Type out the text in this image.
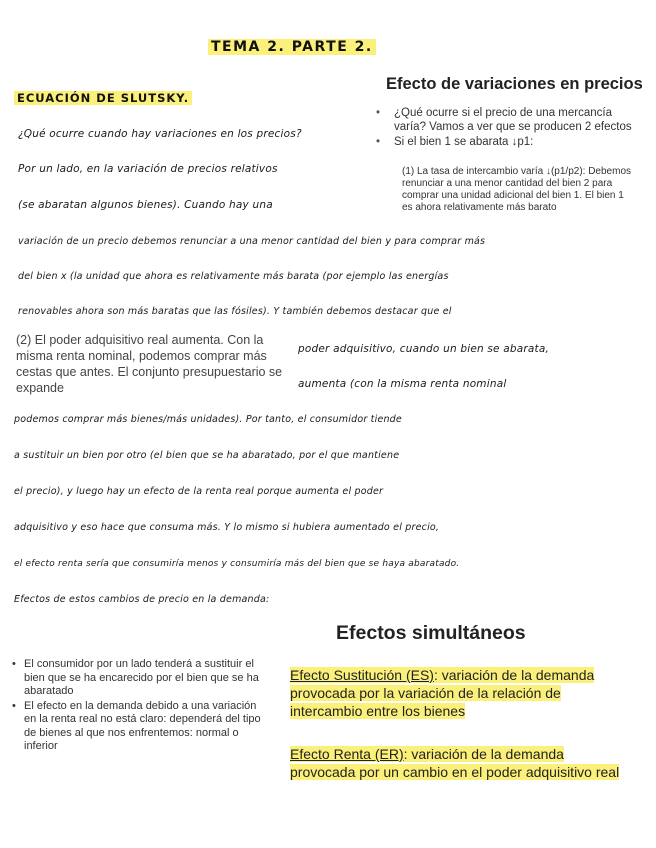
TEMA 2. PARTE 2.
ECUACIÓN DE SLUTSKY.
Efecto de variaciones en precios
• ¿Qué ocurre si el precio de una mercancía varía? Vamos a ver que se producen 2 efectos
• Si el bien 1 se abarata ↓p1:
(1) La tasa de intercambio varía ↓(p1/p2): Debemos renunciar a una menor cantidad del bien 2 para comprar una unidad adicional del bien 1. El bien 1 es ahora relativamente más barato
¿Qué ocurre cuando hay variaciones en los precios?
Por un lado, en la variación de precios relativos
(se abaratan algunos bienes). Cuando hay una
variación de un precio debemos renunciar a una menor cantidad del bien y para comprar más
del bien x (la unidad que ahora es relativamente más barata (por ejemplo las energías
renovables ahora son más baratas que las fósiles). Y también debemos destacar que el
(2) El poder adquisitivo real aumenta. Con la misma renta nominal, podemos comprar más cestas que antes. El conjunto presupuestario se expande
poder adquisitivo, cuando un bien se abarata,
aumenta (con la misma renta nominal
podemos comprar más bienes/más unidades). Por tanto, el consumidor tiende
a sustituir un bien por otro (el bien que se ha abaratado, por el que mantiene
el precio), y luego hay un efecto de la renta real porque aumenta el poder
adquisitivo y eso hace que consuma más. Y lo mismo si hubiera aumentado el precio,
el efecto renta sería que consumiría menos y consumiría más del bien que se haya abaratado.
Efectos de estos cambios de precio en la demanda:
Efectos simultáneos
• El consumidor por un lado tenderá a sustituir el bien que se ha encarecido por el bien que se ha abaratado
• El efecto en la demanda debido a una variación en la renta real no está claro: dependerá del tipo de bienes al que nos enfrentemos: normal o inferior
Efecto Sustitución (ES): variación de la demanda provocada por la variación de la relación de intercambio entre los bienes
Efecto Renta (ER): variación de la demanda provocada por un cambio en el poder adquisitivo real
